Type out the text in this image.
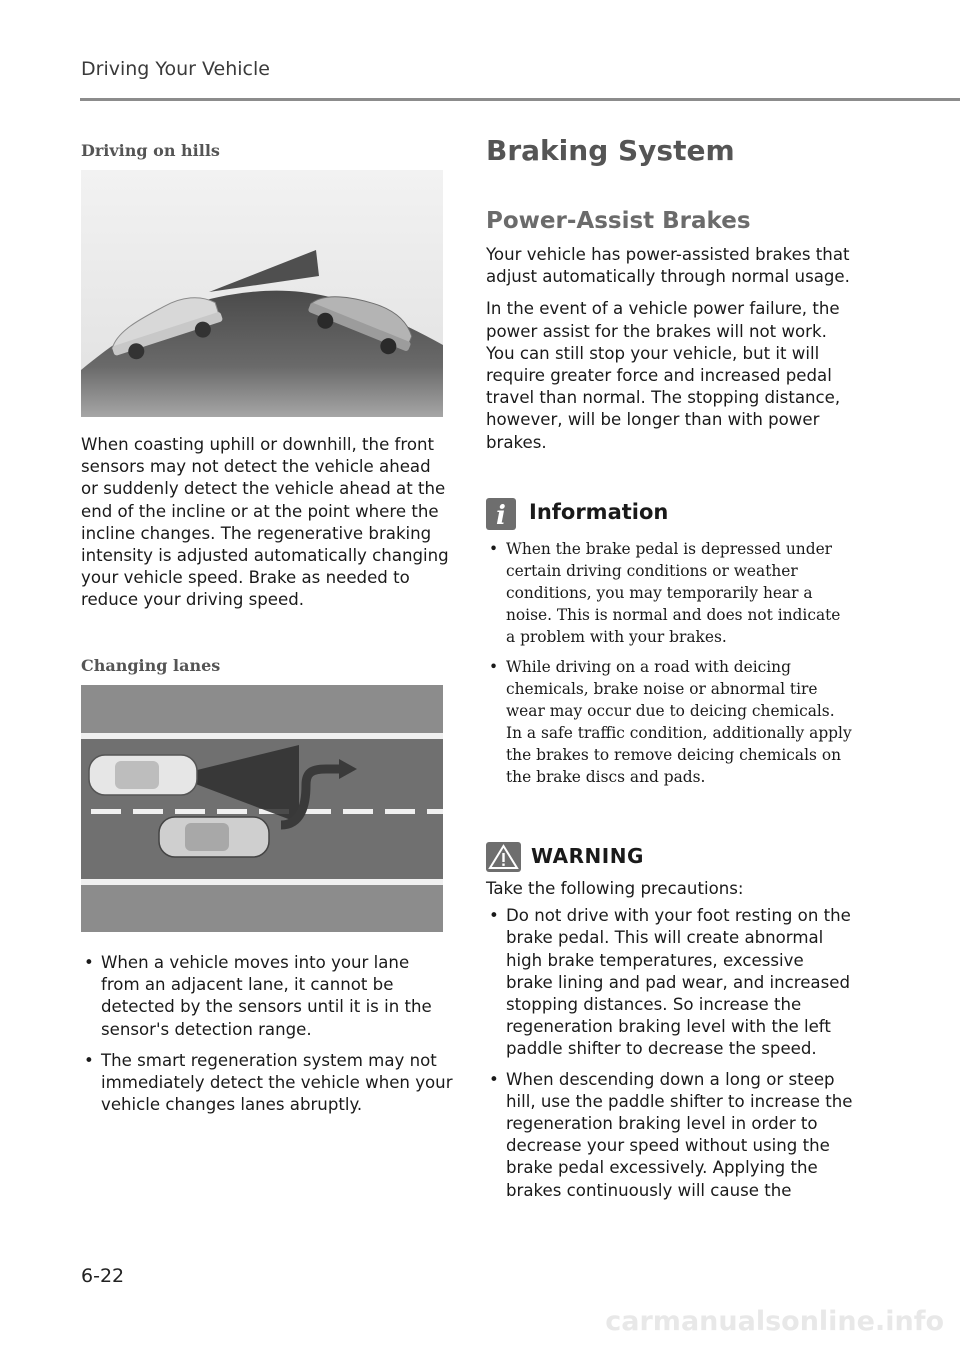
Driving Your Vehicle
Driving on hills

When coasting uphill or downhill, the front sensors may not detect the vehicle ahead or suddenly detect the vehicle ahead at the end of the incline or at the point where the incline changes. The regenerative braking intensity is adjusted automatically changing your vehicle speed. Brake as needed to reduce your driving speed.

Changing lanes
• When a vehicle moves into your lane from an adjacent lane, it cannot be detected by the sensors until it is in the sensor's detection range.
• The smart regeneration system may not immediately detect the vehicle when your vehicle changes lanes abruptly.
Braking System
Power-Assist Brakes

Your vehicle has power-assisted brakes that adjust automatically through normal usage.

In the event of a vehicle power failure, the power assist for the brakes will not work. You can still stop your vehicle, but it will require greater force and increased pedal travel than normal. The stopping distance, however, will be longer than with power brakes.

i Information
• When the brake pedal is depressed under certain driving conditions or weather conditions, you may temporarily hear a noise. This is normal and does not indicate a problem with your brakes.
• While driving on a road with deicing chemicals, brake noise or abnormal tire wear may occur due to deicing chemicals. In a safe traffic condition, additionally apply the brakes to remove deicing chemicals on the brake discs and pads.
WARNING

Take the following precautions:

• Do not drive with your foot resting on the brake pedal. This will create abnormal high brake temperatures, excessive brake lining and pad wear, and increased stopping distances. So increase the regeneration braking level with the left paddle shifter to decrease the speed.
• When descending down a long or steep hill, use the paddle shifter to increase the regeneration braking level in order to decrease your speed without using the brake pedal excessively. Applying the brakes continuously will cause the
6-22
carmanualsonline.info
